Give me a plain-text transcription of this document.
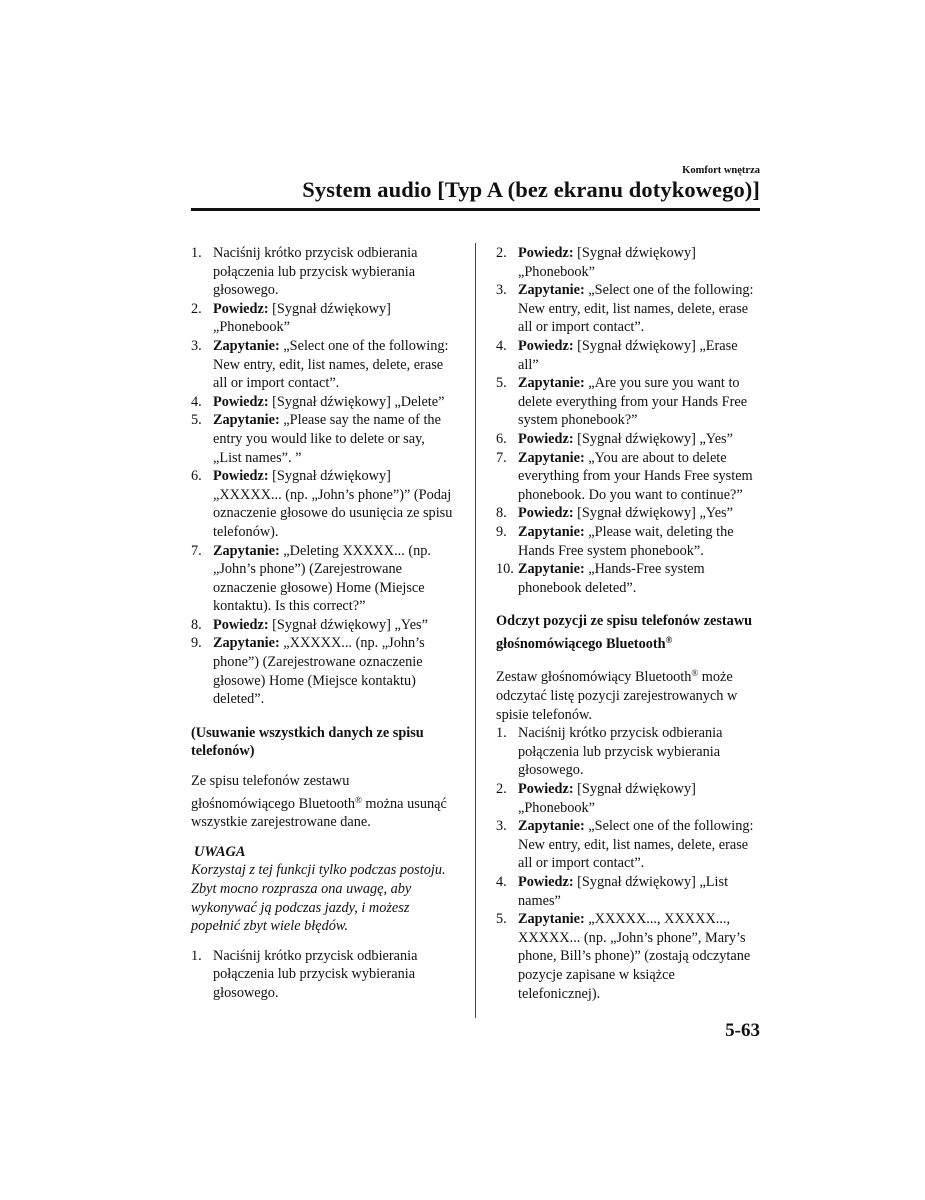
Komfort wnętrza
System audio [Typ A (bez ekranu dotykowego)]
1. Naciśnij krótko przycisk odbierania połączenia lub przycisk wybierania głosowego.
2. Powiedz: [Sygnał dźwiękowy] „Phonebook”
3. Zapytanie: „Select one of the following: New entry, edit, list names, delete, erase all or import contact”.
4. Powiedz: [Sygnał dźwiękowy] „Delete”
5. Zapytanie: „Please say the name of the entry you would like to delete or say, „List names”. ”
6. Powiedz: [Sygnał dźwiękowy] „XXXXX... (np. „John’s phone”)” (Podaj oznaczenie głosowe do usunięcia ze spisu telefonów).
7. Zapytanie: „Deleting XXXXX... (np. „John’s phone”) (Zarejestrowane oznaczenie głosowe) Home (Miejsce kontaktu). Is this correct?”
8. Powiedz: [Sygnał dźwiękowy] „Yes”
9. Zapytanie: „XXXXX... (np. „John’s phone”) (Zarejestrowane oznaczenie głosowe) Home (Miejsce kontaktu) deleted”.
(Usuwanie wszystkich danych ze spisu telefonów)

Ze spisu telefonów zestawu głośnomówiącego Bluetooth® można usunąć wszystkie zarejestrowane dane.

UWAGA

Korzystaj z tej funkcji tylko podczas postoju. Zbyt mocno rozprasza ona uwagę, aby wykonywać ją podczas jazdy, i możesz popełnić zbyt wiele błędów.

1. Naciśnij krótko przycisk odbierania połączenia lub przycisk wybierania głosowego.
2. Powiedz: [Sygnał dźwiękowy] „Phonebook”
3. Zapytanie: „Select one of the following: New entry, edit, list names, delete, erase all or import contact”.
4. Powiedz: [Sygnał dźwiękowy] „Erase all”
5. Zapytanie: „Are you sure you want to delete everything from your Hands Free system phonebook?”
6. Powiedz: [Sygnał dźwiękowy] „Yes”
7. Zapytanie: „You are about to delete everything from your Hands Free system phonebook. Do you want to continue?”
8. Powiedz: [Sygnał dźwiękowy] „Yes”
9. Zapytanie: „Please wait, deleting the Hands Free system phonebook”.
10. Zapytanie: „Hands-Free system phonebook deleted”.
Odczyt pozycji ze spisu telefonów zestawu głośnomówiącego Bluetooth®

Zestaw głośnomówiący Bluetooth® może odczytać listę pozycji zarejestrowanych w spisie telefonów.

1. Naciśnij krótko przycisk odbierania połączenia lub przycisk wybierania głosowego.
2. Powiedz: [Sygnał dźwiękowy] „Phonebook”
3. Zapytanie: „Select one of the following: New entry, edit, list names, delete, erase all or import contact”.
4. Powiedz: [Sygnał dźwiękowy] „List names”
5. Zapytanie: „XXXXX..., XXXXX..., XXXXX... (np. „John’s phone”, Mary’s phone, Bill’s phone)” (zostają odczytane pozycje zapisane w książce telefonicznej).
5-63
